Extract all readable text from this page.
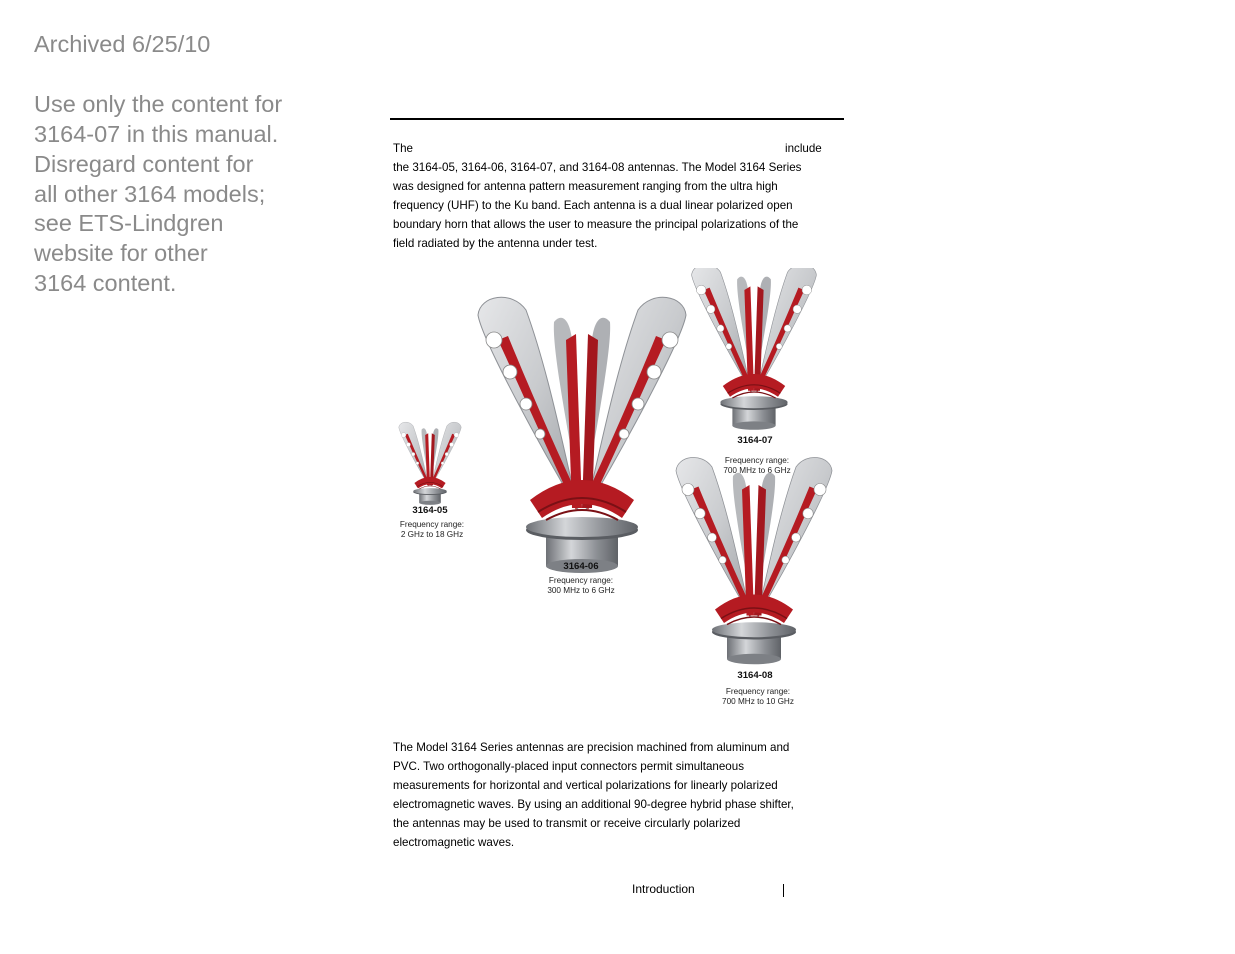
Archived 6/25/10

Use only the content for

3164-07 in this manual.

Disregard content for

all other 3164 models;

see ETS-Lindgren

website for other

3164 content.

The	include
the 3164-05, 3164-06, 3164-07, and 3164-08 antennas. The Model 3164 Series
was designed for antenna pattern measurement ranging from the ultra high
frequency (UHF) to the Ku band. Each antenna is a dual linear polarized open
boundary horn that allows the user to measure the principal polarizations of the
field radiated by the antenna under test.
3164-05
Frequency range:
2 GHz to 18 GHz
3164-06
Frequency range:
300 MHz to 6 GHz
3164-07
Frequency range:
700 MHz to 6 GHz
3164-08
Frequency range:
700 MHz to 10 GHz
The Model 3164 Series antennas are precision machined from aluminum and
PVC. Two orthogonally-placed input connectors permit simultaneous
measurements for horizontal and vertical polarizations for linearly polarized
electromagnetic waves. By using an additional 90-degree hybrid phase shifter,
the antennas may be used to transmit or receive circularly polarized
electromagnetic waves.
Introduction
